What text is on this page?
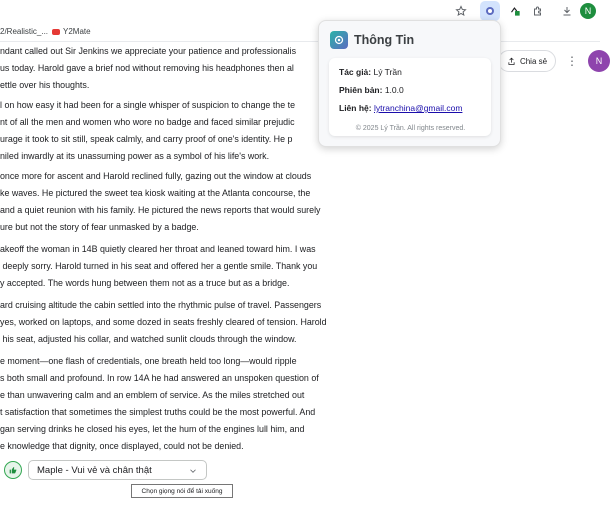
N
2/Realistic_... Y2Mate

ndant called out Sir Jenkins we appreciate your patience and professionalis

us today. Harold gave a brief nod without removing his headphones then al

ettle over his thoughts.

l on how easy it had been for a single whisper of suspicion to change the te

nt of all the men and women who wore no badge and faced similar prejudic

urage it took to sit still, speak calmly, and carry proof of one's identity. He p

niled inwardly at its unassuming power as a symbol of his life's work.

once more for ascent and Harold reclined fully, gazing out the window at clouds

ke waves. He pictured the sweet tea kiosk waiting at the Atlanta concourse, the

and a quiet reunion with his family. He pictured the news reports that would surely

ure but not the story of fear unmasked by a badge.

akeoff the woman in 14B quietly cleared her throat and leaned toward him. I was

deeply sorry. Harold turned in his seat and offered her a gentle smile. Thank you

y accepted. The words hung between them not as a truce but as a bridge.

ard cruising altitude the cabin settled into the rhythmic pulse of travel. Passengers

yes, worked on laptops, and some dozed in seats freshly cleared of tension. Harold

his seat, adjusted his collar, and watched sunlit clouds through the window.

e moment—one flash of credentials, one breath held too long—would ripple

s both small and profound. In row 14A he had answered an unspoken question of

e than unwavering calm and an emblem of service. As the miles stretched out

t satisfaction that sometimes the simplest truths could be the most powerful. And

gan serving drinks he closed his eyes, let the hum of the engines lull him, and

e knowledge that dignity, once displayed, could not be denied.

Chia sẻ ⋮	N
Thông Tin
Tác giả: Lý Trần
Phiên bản: 1.0.0
Liên hệ: lytranchina@gmail.com
© 2025 Lý Trần. All rights reserved.
Maple - Vui vẻ và chân thật
Chọn giọng nói để tải xuống
